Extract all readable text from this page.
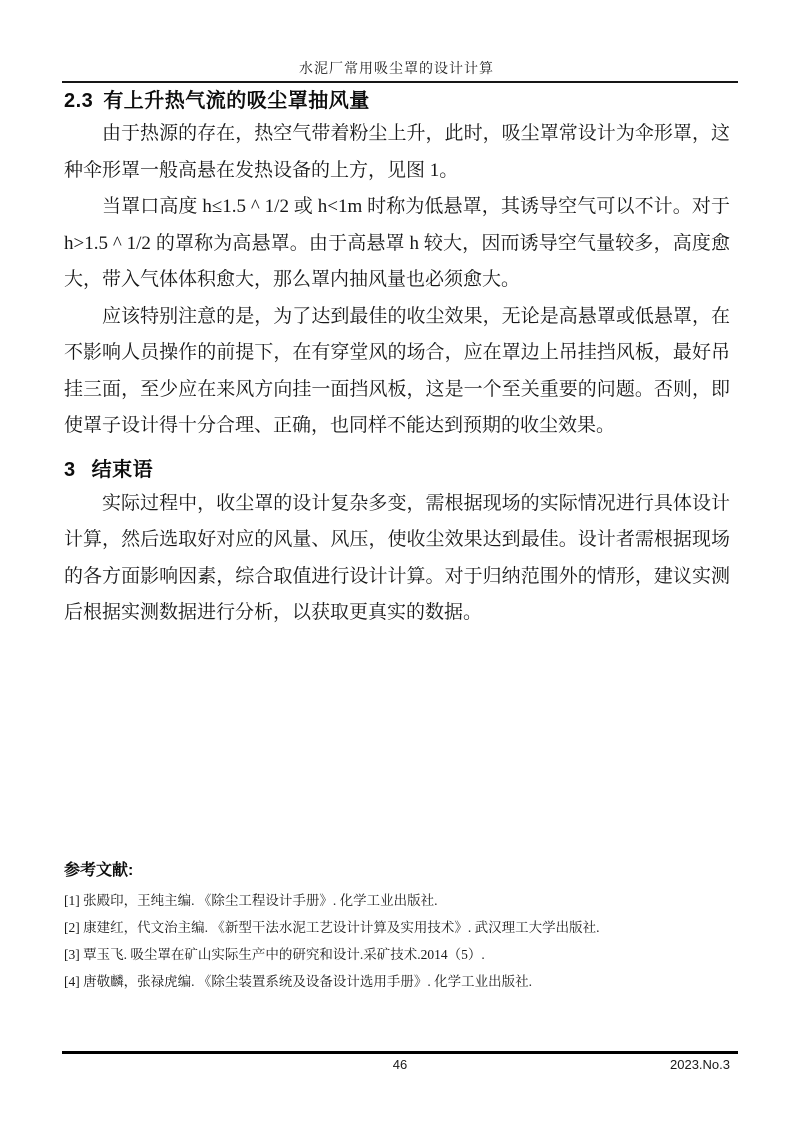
水泥厂常用吸尘罩的设计计算
2.3 有上升热气流的吸尘罩抽风量

由于热源的存在，热空气带着粉尘上升，此时，吸尘罩常设计为伞形罩，这种伞形罩一般高悬在发热设备的上方，见图 1。

当罩口高度 h≤1.5 ^ 1/2 或 h<1m 时称为低悬罩，其诱导空气可以不计。对于 h>1.5 ^ 1/2 的罩称为高悬罩。由于高悬罩 h 较大，因而诱导空气量较多，高度愈大，带入气体体积愈大，那么罩内抽风量也必须愈大。

应该特别注意的是，为了达到最佳的收尘效果，无论是高悬罩或低悬罩，在不影响人员操作的前提下，在有穿堂风的场合，应在罩边上吊挂挡风板，最好吊挂三面，至少应在来风方向挂一面挡风板，这是一个至关重要的问题。否则，即使罩子设计得十分合理、正确，也同样不能达到预期的收尘效果。

3 结束语

实际过程中，收尘罩的设计复杂多变，需根据现场的实际情况进行具体设计计算，然后选取好对应的风量、风压，使收尘效果达到最佳。设计者需根据现场的各方面影响因素，综合取值进行设计计算。对于归纳范围外的情形，建议实测后根据实测数据进行分析，以获取更真实的数据。

参考文献:
[1] 张殿印，王纯主编. 《除尘工程设计手册》. 化学工业出版社.
[2] 康建红，代文治主编. 《新型干法水泥工艺设计计算及实用技术》. 武汉理工大学出版社.
[3] 覃玉飞. 吸尘罩在矿山实际生产中的研究和设计.采矿技术.2014（5）.
[4] 唐敬麟，张禄虎编. 《除尘装置系统及设备设计选用手册》. 化学工业出版社.
46	2023.No.3
